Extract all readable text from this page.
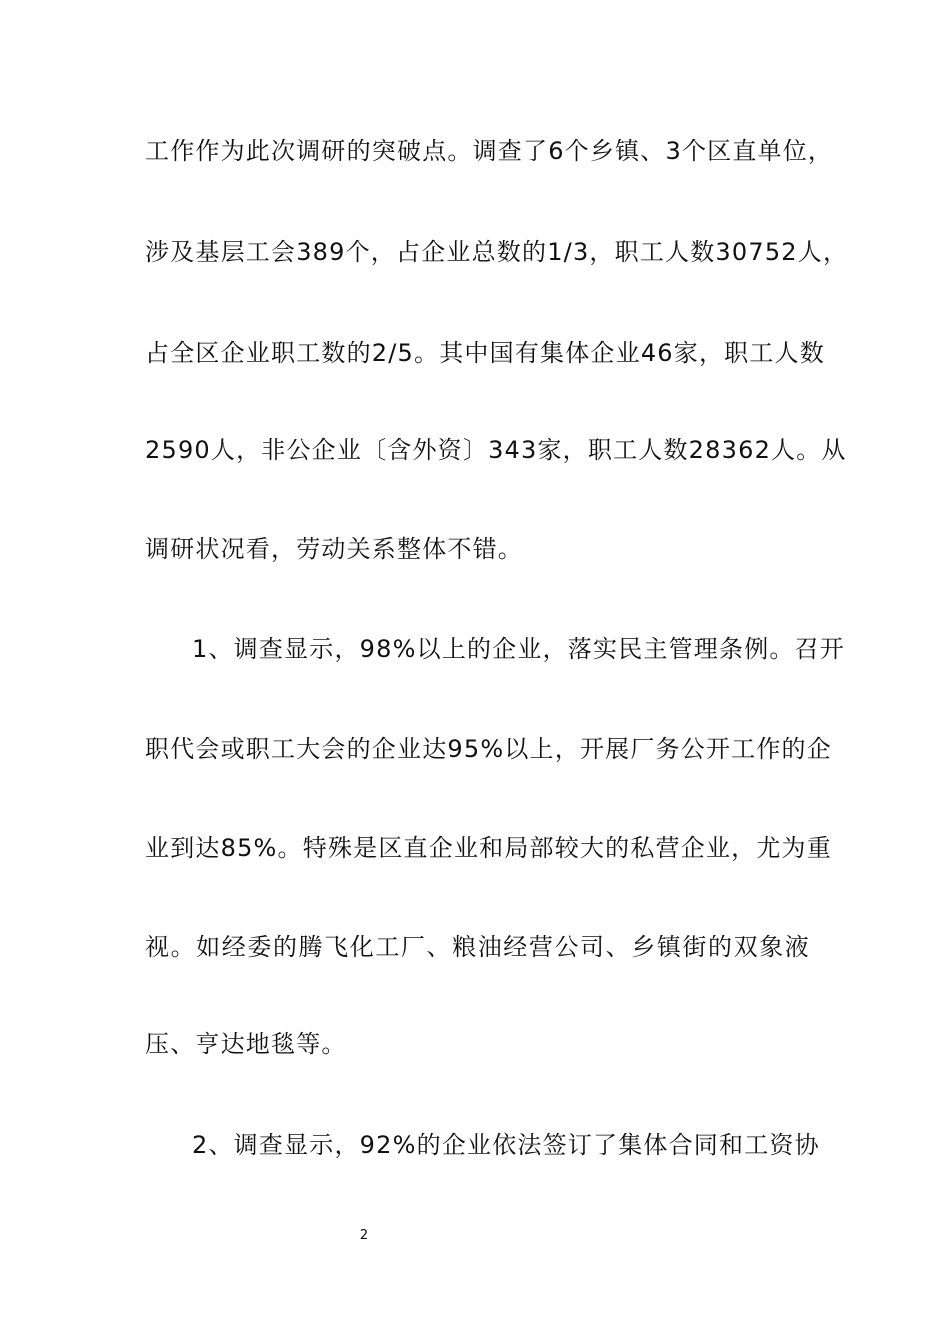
工作作为此次调研的突破点。调查了6个乡镇、3个区直单位，
涉及基层工会389个，占企业总数的1/3，职工人数30752人，
占全区企业职工数的2/5。其中国有集体企业46家，职工人数
2590人，非公企业〔含外资〕343家，职工人数28362人。从
调研状况看，劳动关系整体不错。
1、调查显示，98%以上的企业，落实民主管理条例。召开
职代会或职工大会的企业达95%以上，开展厂务公开工作的企
业到达85%。特殊是区直企业和局部较大的私营企业，尤为重
视。如经委的腾飞化工厂、粮油经营公司、乡镇街的双象液
压、亨达地毯等。
2、调查显示，92%的企业依法签订了集体合同和工资协
2
